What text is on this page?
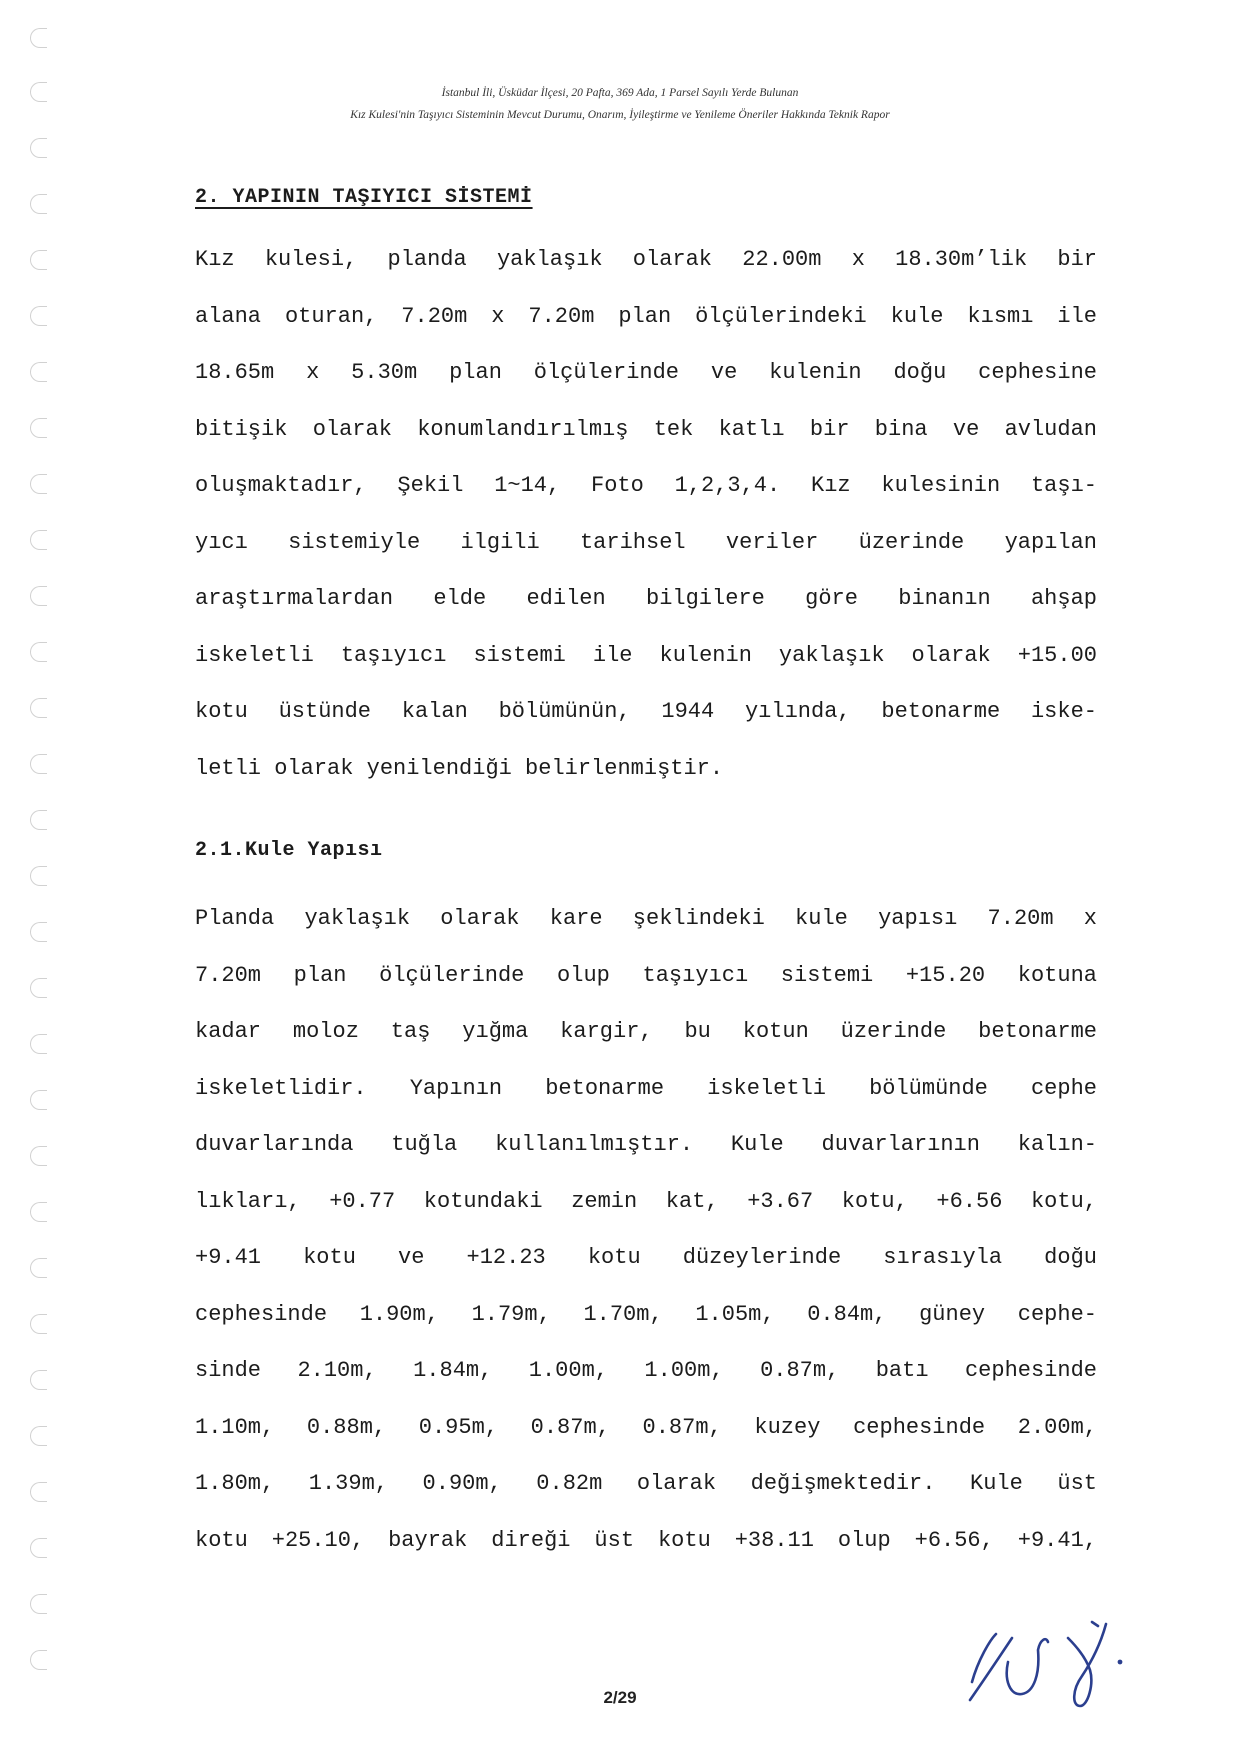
İstanbul İli, Üsküdar İlçesi, 20 Pafta, 369 Ada, 1 Parsel Sayılı Yerde Bulunan
Kız Kulesi'nin Taşıyıcı Sisteminin Mevcut Durumu, Onarım, İyileştirme ve Yenileme Öneriler Hakkında Teknik Rapor
2. YAPININ TAŞIYICI SİSTEMİ
Kız kulesi, planda yaklaşık olarak 22.00m x 18.30m’lik bir
alana oturan, 7.20m x 7.20m plan ölçülerindeki kule kısmı ile
18.65m x 5.30m plan ölçülerinde ve kulenin doğu cephesine
bitişik olarak konumlandırılmış tek katlı bir bina ve avludan
oluşmaktadır, Şekil 1~14, Foto 1,2,3,4. Kız kulesinin taşı-
yıcı sistemiyle ilgili tarihsel veriler üzerinde yapılan
araştırmalardan elde edilen bilgilere göre binanın ahşap
iskeletli taşıyıcı sistemi ile kulenin yaklaşık olarak +15.00
kotu üstünde kalan bölümünün, 1944 yılında, betonarme iske-
letli olarak yenilendiği belirlenmiştir.
2.1.Kule Yapısı
Planda yaklaşık olarak kare şeklindeki kule yapısı 7.20m x
7.20m plan ölçülerinde olup taşıyıcı sistemi +15.20 kotuna
kadar moloz taş yığma kargir, bu kotun üzerinde betonarme
iskeletlidir. Yapının betonarme iskeletli bölümünde cephe
duvarlarında tuğla kullanılmıştır. Kule duvarlarının kalın-
lıkları, +0.77 kotundaki zemin kat, +3.67 kotu, +6.56 kotu,
+9.41 kotu ve +12.23 kotu düzeylerinde sırasıyla doğu
cephesinde 1.90m, 1.79m, 1.70m, 1.05m, 0.84m, güney cephe-
sinde 2.10m, 1.84m, 1.00m, 1.00m, 0.87m, batı cephesinde
1.10m, 0.88m, 0.95m, 0.87m, 0.87m, kuzey cephesinde 2.00m,
1.80m, 1.39m, 0.90m, 0.82m olarak değişmektedir. Kule üst
kotu +25.10, bayrak direği üst kotu +38.11 olup +6.56, +9.41,
2/29
